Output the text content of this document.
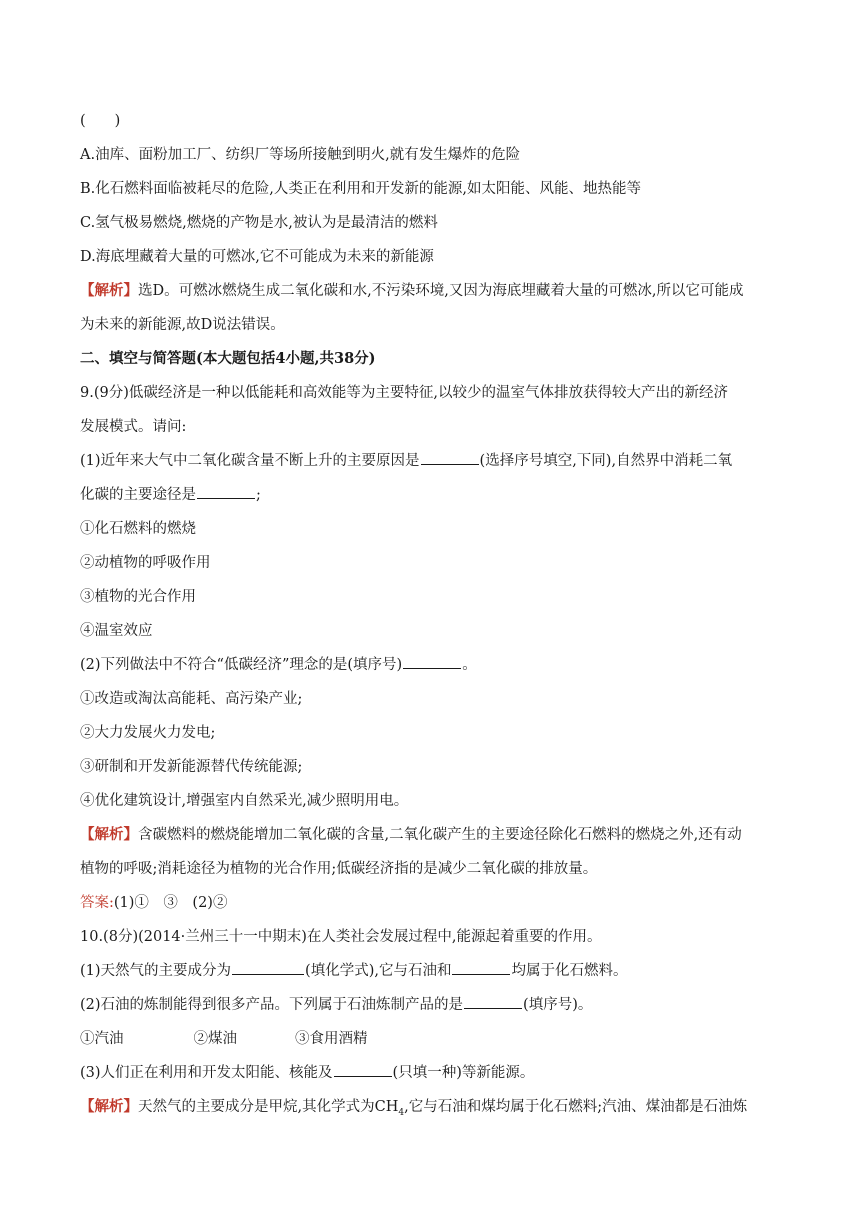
(　　)
A.油库、面粉加工厂、纺织厂等场所接触到明火,就有发生爆炸的危险
B.化石燃料面临被耗尽的危险,人类正在利用和开发新的能源,如太阳能、风能、地热能等
C.氢气极易燃烧,燃烧的产物是水,被认为是最清洁的燃料
D.海底埋藏着大量的可燃冰,它不可能成为未来的新能源
【解析】选D。可燃冰燃烧生成二氧化碳和水,不污染环境,又因为海底埋藏着大量的可燃冰,所以它可能成
为未来的新能源,故D说法错误。
二、填空与简答题(本大题包括4小题,共38分)
9.(9分)低碳经济是一种以低能耗和高效能等为主要特征,以较少的温室气体排放获得较大产出的新经济
发展模式。请问:
(1)近年来大气中二氧化碳含量不断上升的主要原因是	(选择序号填空,下同),自然界中消耗二氧
化碳的主要途径是	;
①化石燃料的燃烧
②动植物的呼吸作用
③植物的光合作用
④温室效应
(2)下列做法中不符合“低碳经济”理念的是(填序号)	。
①改造或淘汰高能耗、高污染产业;
②大力发展火力发电;
③研制和开发新能源替代传统能源;
④优化建筑设计,增强室内自然采光,减少照明用电。
【解析】含碳燃料的燃烧能增加二氧化碳的含量,二氧化碳产生的主要途径除化石燃料的燃烧之外,还有动
植物的呼吸;消耗途径为植物的光合作用;低碳经济指的是减少二氧化碳的排放量。
答案:(1)①　③　(2)②
10.(8分)(2014·兰州三十一中期末)在人类社会发展过程中,能源起着重要的作用。
(1)天然气的主要成分为	(填化学式),它与石油和	均属于化石燃料。
(2)石油的炼制能得到很多产品。下列属于石油炼制产品的是	(填序号)。
①汽油	②煤油	③食用酒精
(3)人们正在利用和开发太阳能、核能及	(只填一种)等新能源。
【解析】天然气的主要成分是甲烷,其化学式为$CH_4$,它与石油和煤均属于化石燃料;汽油、煤油都是石油炼
